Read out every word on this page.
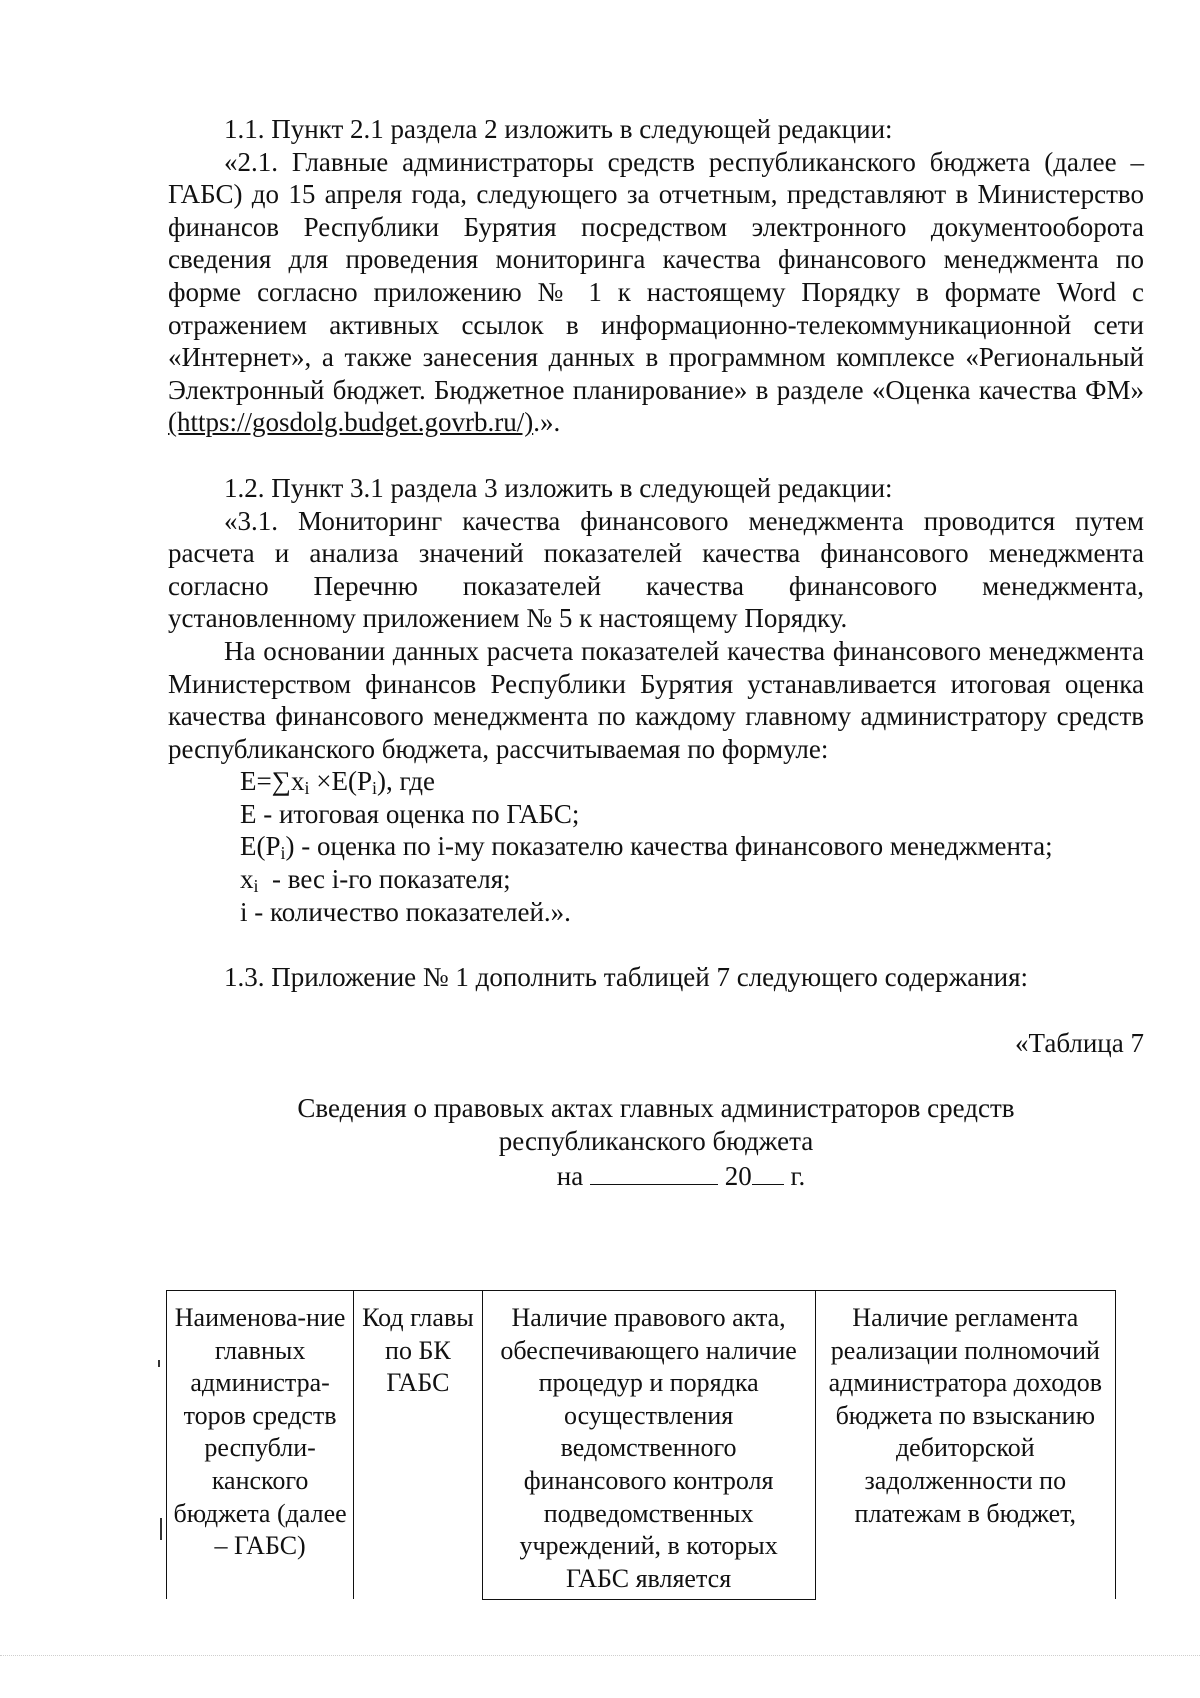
1.1. Пункт 2.1 раздела 2 изложить в следующей редакции:

«2.1. Главные администраторы средств республиканского бюджета (далее – ГАБС) до 15 апреля года, следующего за отчетным, представляют в Министерство финансов Республики Бурятия посредством электронного документооборота сведения для проведения мониторинга качества финансового менеджмента по форме согласно приложению № 1 к настоящему Порядку в формате Word с отражением активных ссылок в информационно-телекоммуникационной сети «Интернет», а также занесения данных в программном комплексе «Региональный Электронный бюджет. Бюджетное планирование» в разделе «Оценка качества ФМ» (https://gosdolg.budget.govrb.ru/).».

1.2. Пункт 3.1 раздела 3 изложить в следующей редакции:

«3.1. Мониторинг качества финансового менеджмента проводится путем расчета и анализа значений показателей качества финансового менеджмента согласно Перечню показателей качества финансового менеджмента, установленному приложением № 5 к настоящему Порядку.

На основании данных расчета показателей качества финансового менеджмента Министерством финансов Республики Бурятия устанавливается итоговая оценка качества финансового менеджмента по каждому главному администратору средств республиканского бюджета, рассчитываемая по формуле:

$E=\sum x_i \times E(P_i)$, где
E - итоговая оценка по ГАБС;
$E(P_i)$ - оценка по i-му показателю качества финансового менеджмента;
$x_i$  - вес i-го показателя;
i - количество показателей.».

1.3. Приложение № 1 дополнить таблицей 7 следующего содержания:

«Таблица 7

Сведения о правовых актах главных администраторов средств
республиканского бюджета
на	20 г.
Наименова-ние главных администра-торов средств республи-канского бюджета (далее – ГАБС)	Код главы по БК ГАБС	Наличие правового акта, обеспечивающего наличие процедур и порядка осуществления ведомственного финансового контроля подведомственных учреждений, в которых ГАБС является	Наличие регламента реализации полномочий администратора доходов бюджета по взысканию дебиторской задолженности по платежам в бюджет,
